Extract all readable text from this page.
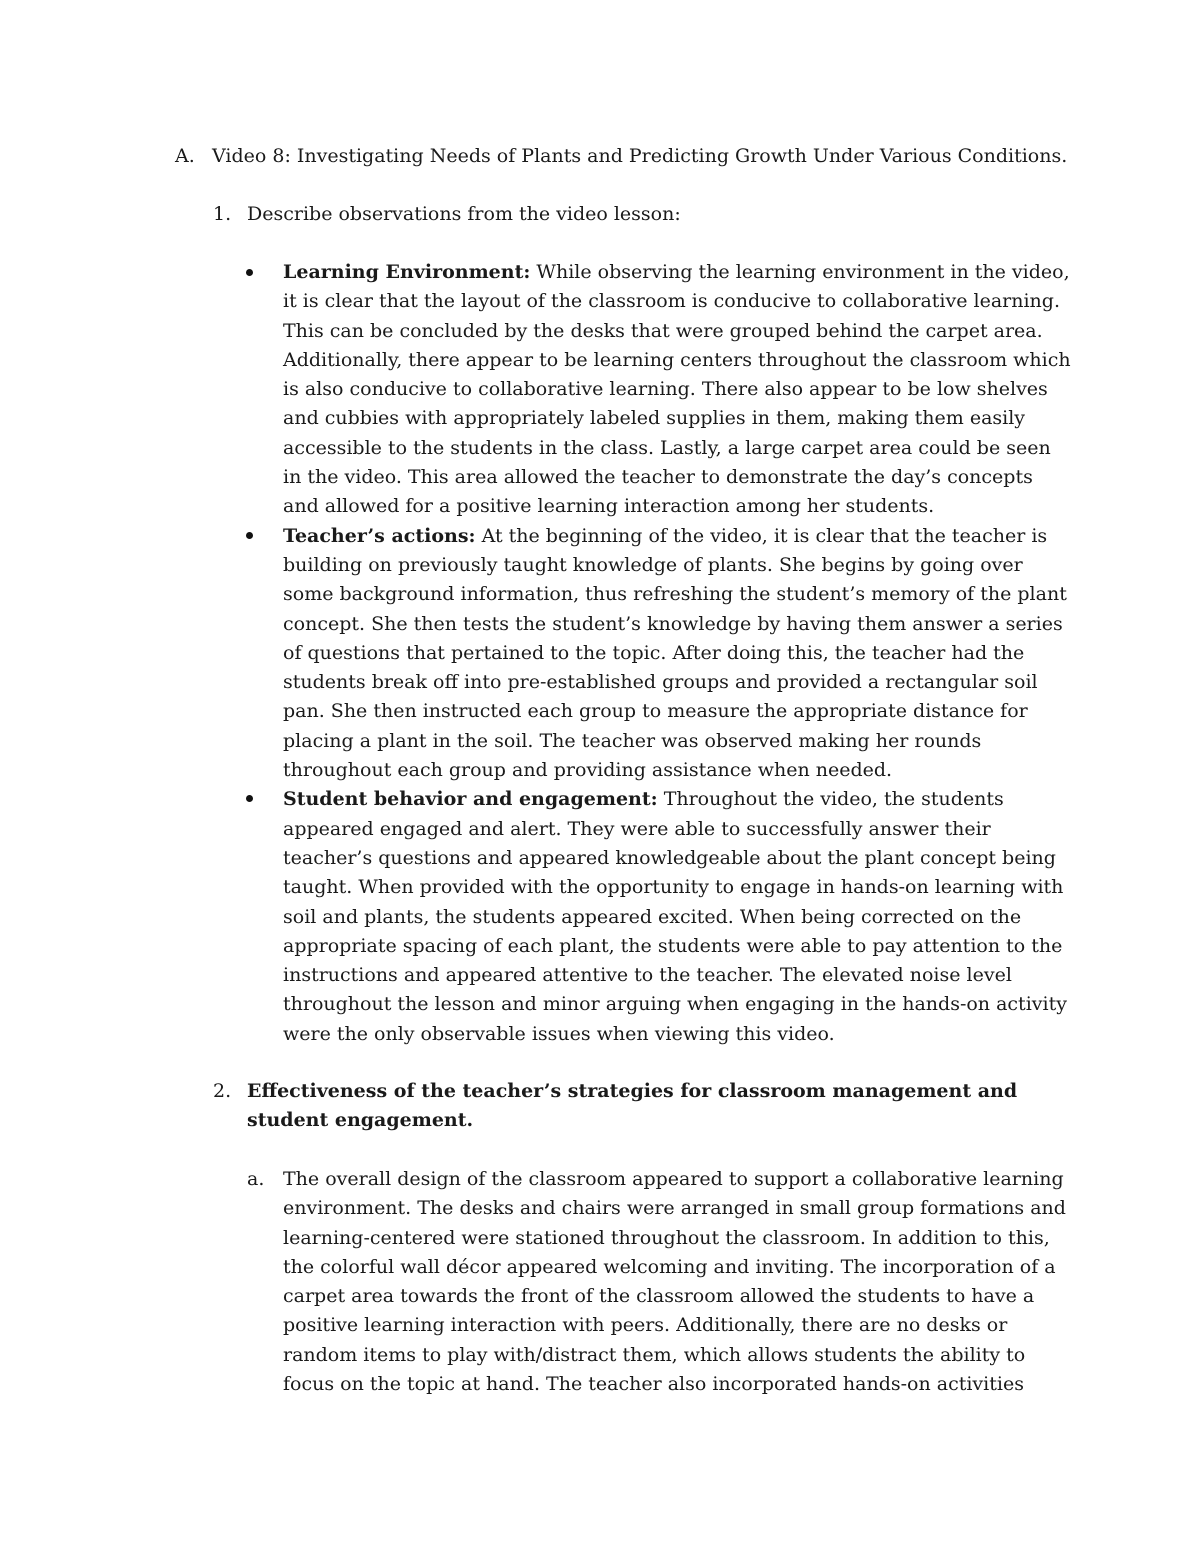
A. Video 8: Investigating Needs of Plants and Predicting Growth Under Various Conditions.
1. Describe observations from the video lesson:

Learning Environment: While observing the learning environment in the video, it is clear that the layout of the classroom is conducive to collaborative learning. This can be concluded by the desks that were grouped behind the carpet area. Additionally, there appear to be learning centers throughout the classroom which is also conducive to collaborative learning. There also appear to be low shelves and cubbies with appropriately labeled supplies in them, making them easily accessible to the students in the class. Lastly, a large carpet area could be seen in the video. This area allowed the teacher to demonstrate the day’s concepts and allowed for a positive learning interaction among her students.

Teacher’s actions: At the beginning of the video, it is clear that the teacher is building on previously taught knowledge of plants. She begins by going over some background information, thus refreshing the student’s memory of the plant concept. She then tests the student’s knowledge by having them answer a series of questions that pertained to the topic. After doing this, the teacher had the students break off into pre-established groups and provided a rectangular soil pan. She then instructed each group to measure the appropriate distance for placing a plant in the soil. The teacher was observed making her rounds throughout each group and providing assistance when needed.

Student behavior and engagement: Throughout the video, the students appeared engaged and alert. They were able to successfully answer their teacher’s questions and appeared knowledgeable about the plant concept being taught. When provided with the opportunity to engage in hands-on learning with soil and plants, the students appeared excited. When being corrected on the appropriate spacing of each plant, the students were able to pay attention to the instructions and appeared attentive to the teacher. The elevated noise level throughout the lesson and minor arguing when engaging in the hands-on activity were the only observable issues when viewing this video.

2. Effectiveness of the teacher’s strategies for classroom management and student engagement.
a. The overall design of the classroom appeared to support a collaborative learning environment. The desks and chairs were arranged in small group formations and learning-centered were stationed throughout the classroom. In addition to this, the colorful wall décor appeared welcoming and inviting. The incorporation of a carpet area towards the front of the classroom allowed the students to have a positive learning interaction with peers. Additionally, there are no desks or random items to play with/distract them, which allows students the ability to focus on the topic at hand. The teacher also incorporated hands-on activities
